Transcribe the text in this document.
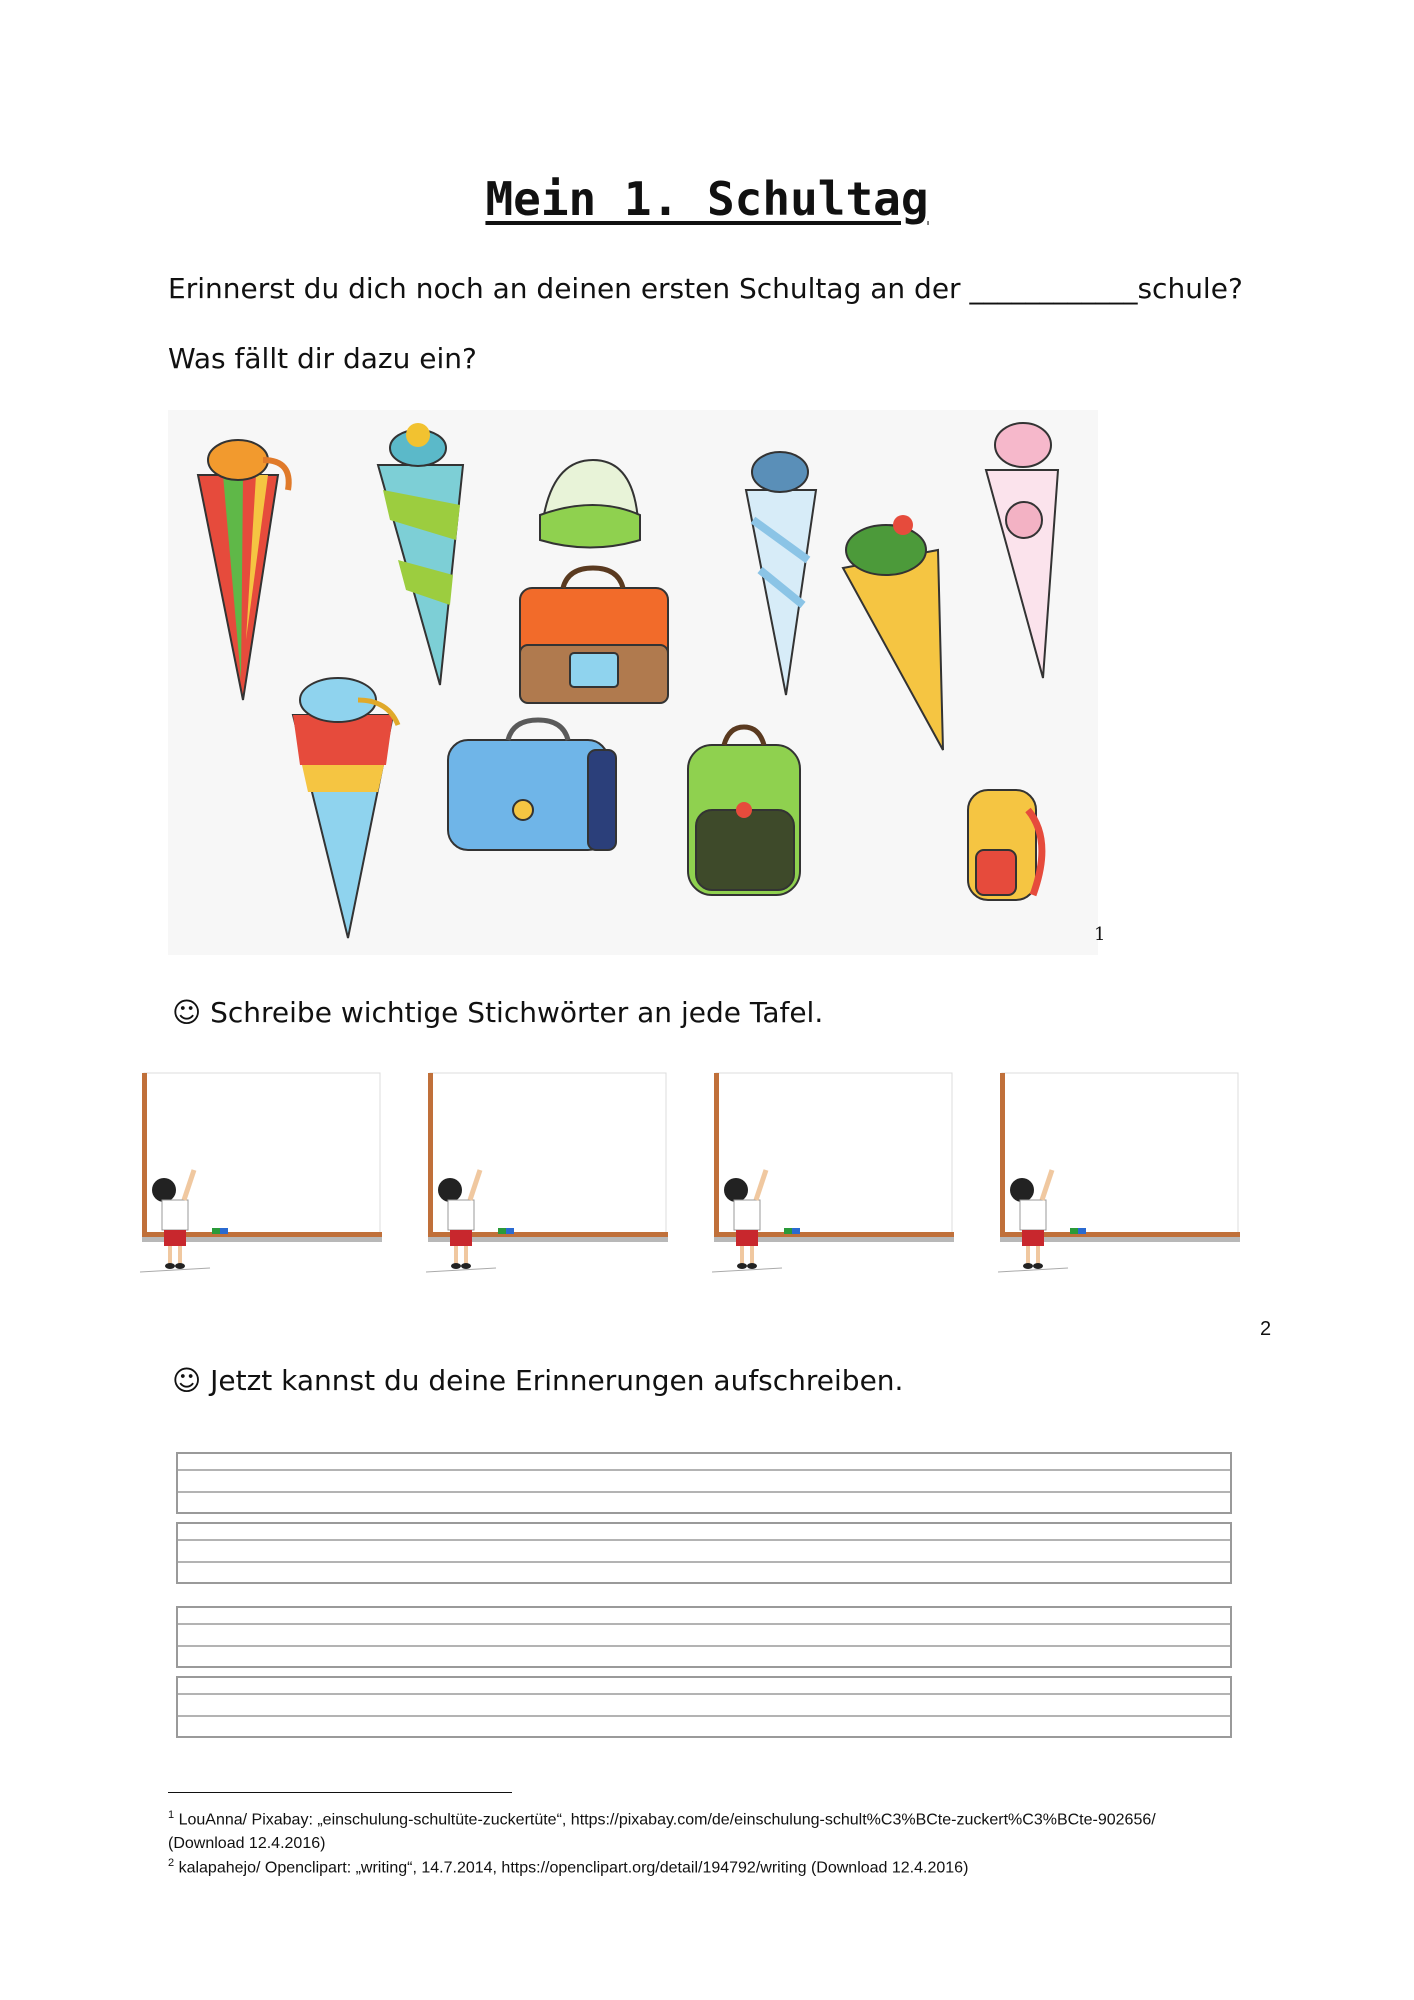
Mein 1. Schultag

Erinnerst du dich noch an deinen ersten Schultag an der ____________schule?

Was fällt dir dazu ein?

1

☺ Schreibe wichtige Stichwörter an jede Tafel.

2

☺ Jetzt kannst du deine Erinnerungen aufschreiben.

$^1$ LouAnna/ Pixabay: „einschulung-schultüte-zuckertüte“, https://pixabay.com/de/einschulung-schult%C3%BCte-zuckert%C3%BCte-902656/
(Download 12.4.2016)

$^2$ kalapahejo/ Openclipart: „writing“, 14.7.2014, https://openclipart.org/detail/194792/writing (Download 12.4.2016)
